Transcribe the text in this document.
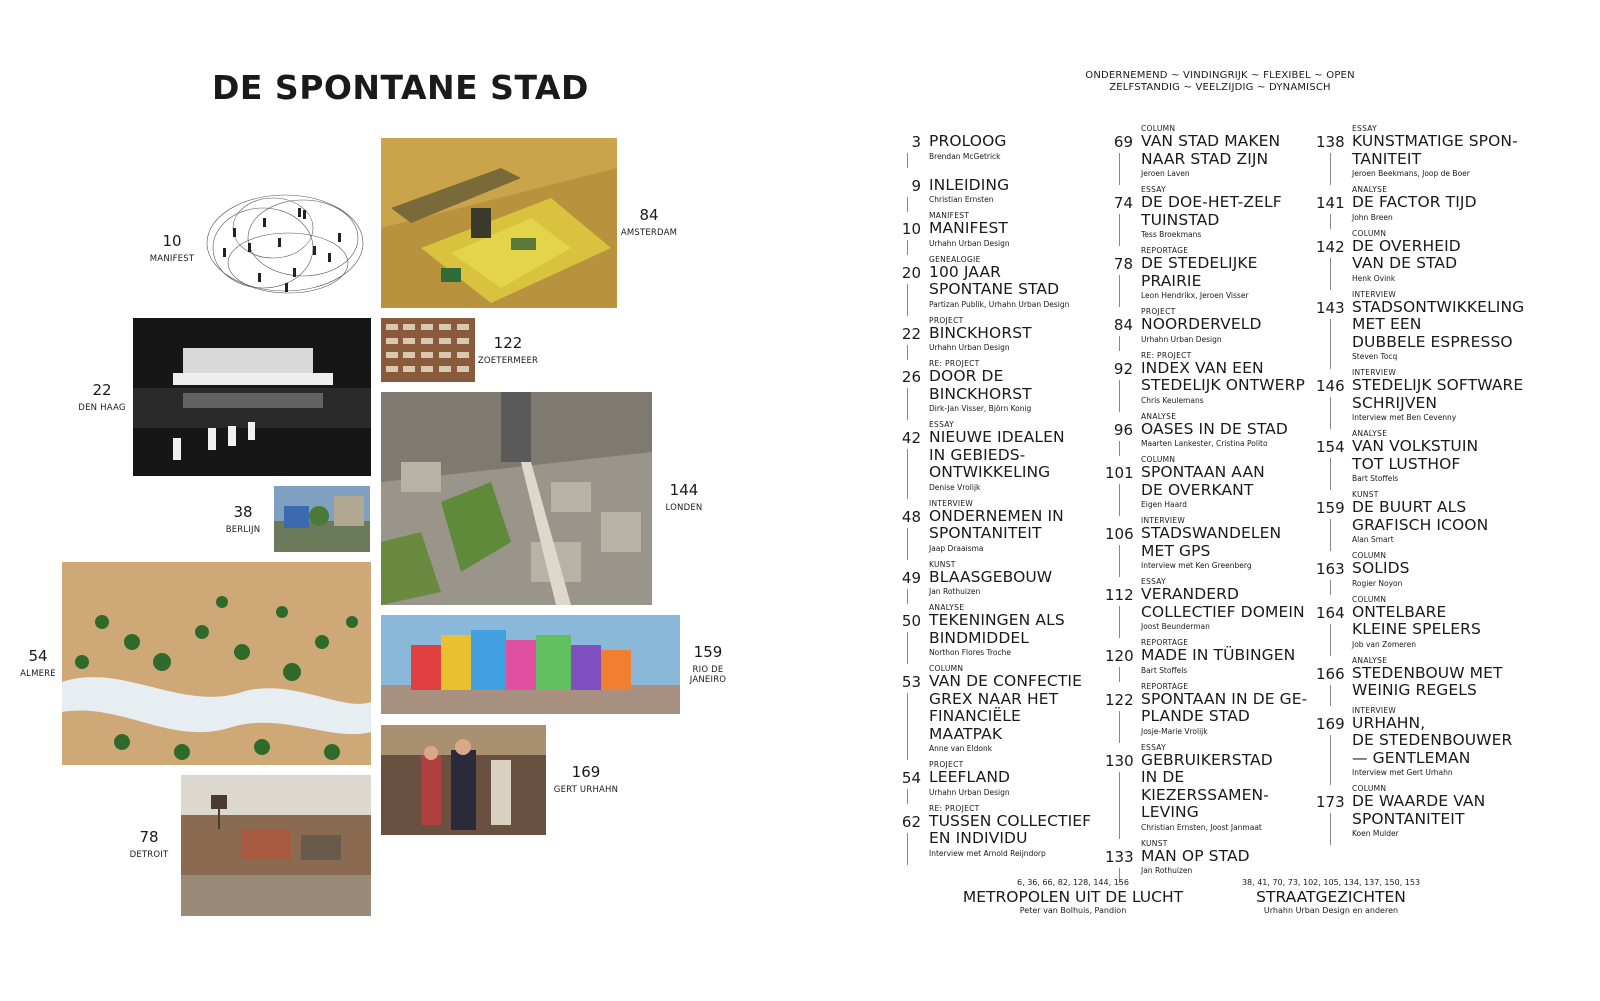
DE SPONTANE STAD
10
MANIFEST
84
AMSTERDAM
22
DEN HAAG
122
ZOETERMEER
144
LONDEN
38
BERLIJN
54
ALMERE
159
RIO DE JANEIRO
169
GERT URHAHN
78
DETROIT
ONDERNEMEND ~ VINDINGRIJK ~ FLEXIBEL ~ OPEN
ZELFSTANDIG ~ VEELZIJDIG ~ DYNAMISCH
3 PROLOOG
Brendan McGetrick
9 INLEIDING
Christian Ernsten
MANIFEST
10 MANIFEST
Urhahn Urban Design
GENEALOGIE
20 100 JAAR
SPONTANE STAD
Partizan Publik, Urhahn Urban Design
PROJECT
22 BINCKHORST
Urhahn Urban Design
RE: PROJECT
26 DOOR DE
BINCKHORST
Dirk-Jan Visser, Björn Konig
ESSAY
42 NIEUWE IDEALEN
IN GEBIEDS-
ONTWIKKELING
Denise Vrolijk
INTERVIEW
48 ONDERNEMEN IN
SPONTANITEIT
Jaap Draaisma
KUNST
49 BLAASGEBOUW
Jan Rothuizen
ANALYSE
50 TEKENINGEN ALS
BINDMIDDEL
Northon Flores Troche
COLUMN
53 VAN DE CONFECTIE
GREX NAAR HET
FINANCIËLE MAATPAK
Anne van Eldonk
PROJECT
54 LEEFLAND
Urhahn Urban Design
RE: PROJECT
62 TUSSEN COLLECTIEF
EN INDIVIDU
Interview met Arnold Reijndorp
COLUMN
69 VAN STAD MAKEN
NAAR STAD ZIJN
Jeroen Laven
ESSAY
74 DE DOE-HET-ZELF
TUINSTAD
Tess Broekmans
REPORTAGE
78 DE STEDELIJKE PRAIRIE
Leon Hendrikx, Jeroen Visser
PROJECT
84 NOORDERVELD
Urhahn Urban Design
RE: PROJECT
92 INDEX VAN EEN
STEDELIJK ONTWERP
Chris Keulemans
ANALYSE
96 OASES IN DE STAD
Maarten Lankester, Cristina Polito
COLUMN
101 SPONTAAN AAN
DE OVERKANT
Eigen Haard
INTERVIEW
106 STADSWANDELEN
MET GPS
Interview met Ken Greenberg
ESSAY
112 VERANDERD
COLLECTIEF DOMEIN
Joost Beunderman
REPORTAGE
120 MADE IN TÜBINGEN
Bart Stoffels
REPORTAGE
122 SPONTAAN IN DE GE-
PLANDE STAD
Josje-Marie Vrolijk
ESSAY
130 GEBRUIKERSTAD
IN DE KIEZERSSAMEN-
LEVING
Christian Ernsten, Joost Janmaat
KUNST
133 MAN OP STAD
Jan Rothuizen
ESSAY
138 KUNSTMATIGE SPON-
TANITEIT
Jeroen Beekmans, Joop de Boer
ANALYSE
141 DE FACTOR TIJD
John Breen
COLUMN
142 DE OVERHEID
VAN DE STAD
Henk Ovink
INTERVIEW
143 STADSONTWIKKELING
MET EEN
DUBBELE ESPRESSO
Steven Tocq
INTERVIEW
146 STEDELIJK SOFTWARE
SCHRIJVEN
Interview met Ben Cevenny
ANALYSE
154 VAN VOLKSTUIN
TOT LUSTHOF
Bart Stoffels
KUNST
159 DE BUURT ALS
GRAFISCH ICOON
Alan Smart
COLUMN
163 SOLIDS
Rogier Noyon
COLUMN
164 ONTELBARE
KLEINE SPELERS
Job van Zomeren
ANALYSE
166 STEDENBOUW MET
WEINIG REGELS
INTERVIEW
169 URHAHN,
DE STEDENBOUWER
— GENTLEMAN
Interview met Gert Urhahn
COLUMN
173 DE WAARDE VAN
SPONTANITEIT
Koen Mulder
6, 36, 66, 82, 128, 144, 156
METROPOLEN UIT DE LUCHT
Peter van Bolhuis, Pandion
38, 41, 70, 73, 102, 105, 134, 137, 150, 153
STRAATGEZICHTEN
Urhahn Urban Design en anderen
